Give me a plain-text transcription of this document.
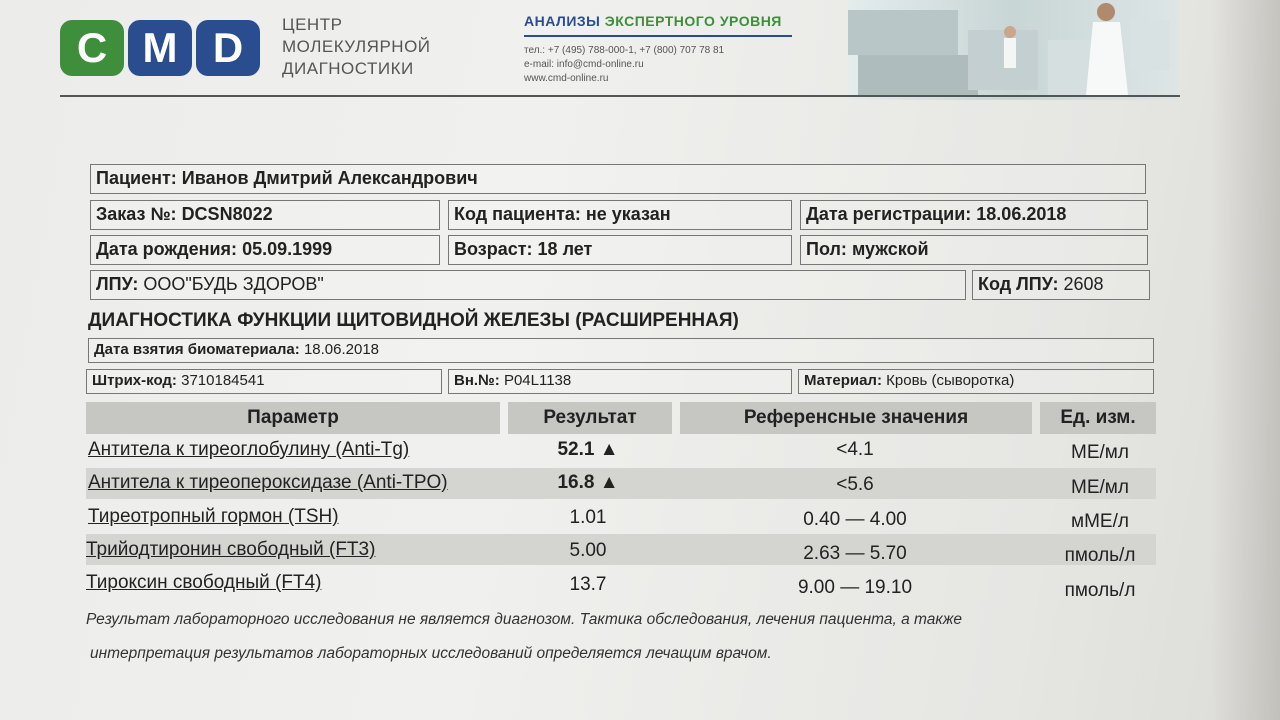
C M D	ЦЕНТР
МОЛЕКУЛЯРНОЙ
ДИАГНОСТИКИ
АНАЛИЗЫ ЭКСПЕРТНОГО УРОВНЯ
тел.: +7 (495) 788-000-1, +7 (800) 707 78 81
e-mail: info@cmd-online.ru
www.cmd-online.ru
Пациент: Иванов Дмитрий Александрович
Заказ №: DCSN8022	Код пациента: не указан	Дата регистрации: 18.06.2018
Дата рождения: 05.09.1999	Возраст: 18 лет	Пол: мужской
ЛПУ: ООО"БУДЬ ЗДОРОВ"	Код ЛПУ: 2608
ДИАГНОСТИКА ФУНКЦИИ ЩИТОВИДНОЙ ЖЕЛЕЗЫ (РАСШИРЕННАЯ)
Дата взятия биоматериала: 18.06.2018
Штрих-код: 3710184541	Вн.№: P04L1138	Материал: Кровь (сыворотка)
Параметр	Результат	Референсные значения	Ед. изм.
Антитела к тиреоглобулину (Anti-Tg)	52.1 ▲	<4.1	МЕ/мл
Антитела к тиреопероксидазе (Anti-TPO)	16.8 ▲	<5.6	МЕ/мл
Тиреотропный гормон (TSH)	1.01	0.40 — 4.00	мМЕ/л
Трийодтиронин свободный (FT3)	5.00	2.63 — 5.70	пмоль/л
Тироксин свободный (FT4)	13.7	9.00 — 19.10	пмоль/л
Результат лабораторного исследования не является диагнозом. Тактика обследования, лечения пациента, а также
интерпретация результатов лабораторных исследований определяется лечащим врачом.
